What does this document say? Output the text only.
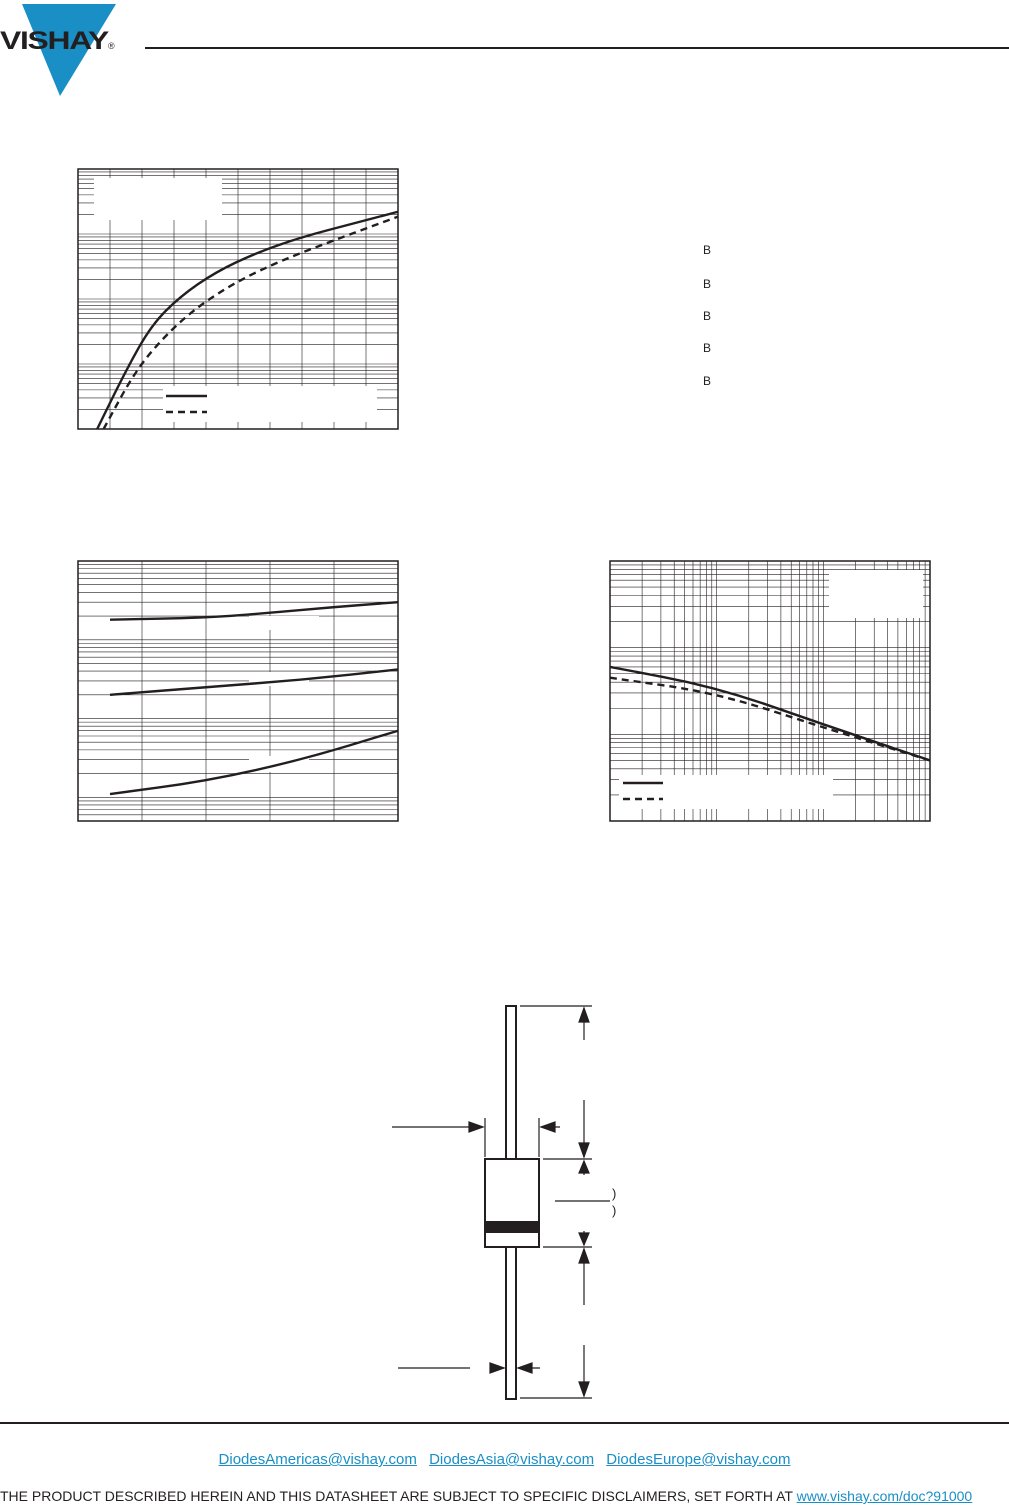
VISHAY
®
B
B
B
B
B
)
)
DiodesAmericas@vishay.com DiodesAsia@vishay.com DiodesEurope@vishay.com
THE PRODUCT DESCRIBED HEREIN AND THIS DATASHEET ARE SUBJECT TO SPECIFIC DISCLAIMERS, SET FORTH AT www.vishay.com/doc?91000
